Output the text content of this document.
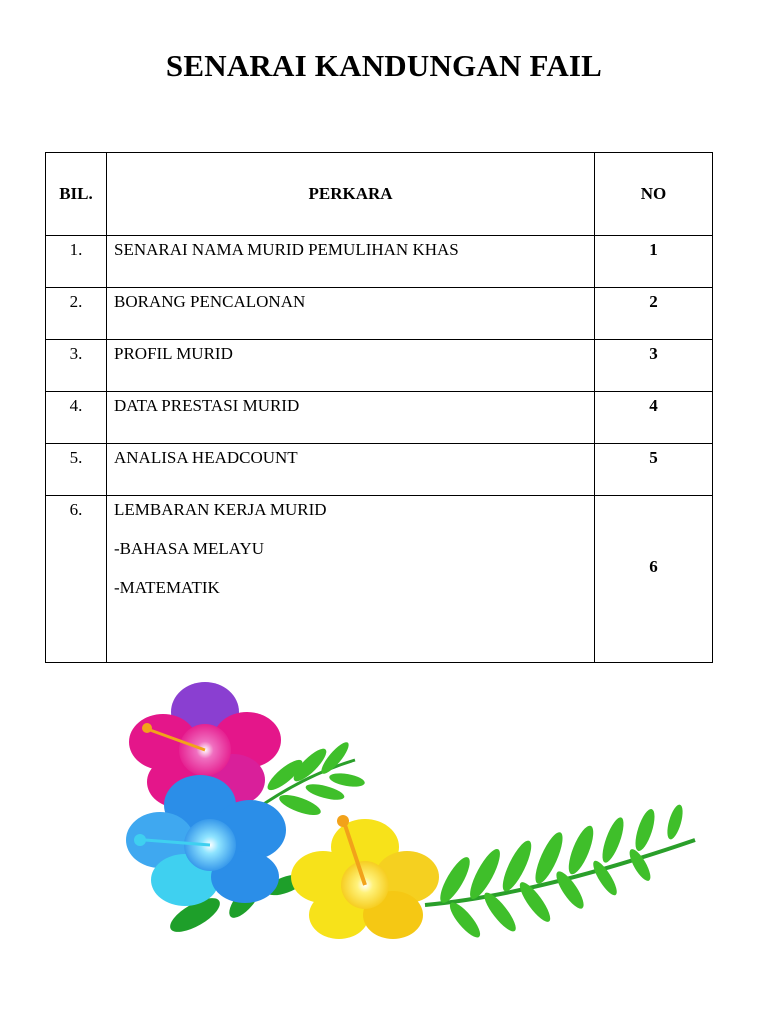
SENARAI KANDUNGAN FAIL
BIL.	PERKARA	NO
1.	SENARAI NAMA MURID PEMULIHAN KHAS	1
2.	BORANG PENCALONAN	2
3.	PROFIL MURID	3
4.	DATA PRESTASI MURID	4
5.	ANALISA HEADCOUNT	5
6.	LEMBARAN KERJA MURID
-BAHASA MELAYU
-MATEMATIK	6
